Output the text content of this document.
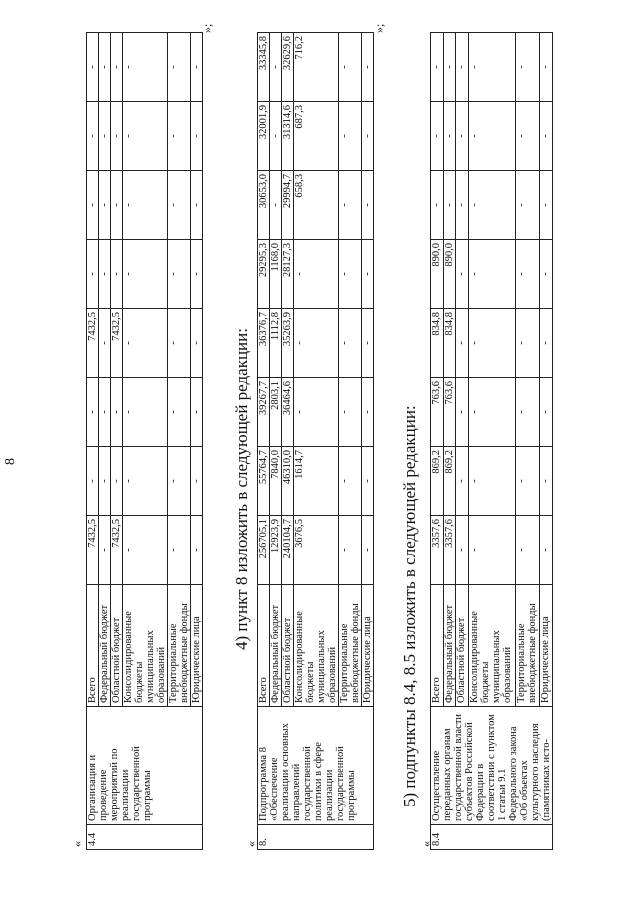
8
«
»;
4.4	Организация и проведение мероприятий по реализации государственной программы	Всего	7432,5	-	-	7432,5	-	-	-	-
		Федеральный бюджет	-	-	-	-	-	-	-	-
		Областной бюджет	7432,5	-	-	7432,5	-	-	-	-
		Консолидированные бюджеты муниципальных образований	-	-	-	-	-	-	-	-
		Территориальные внебюджетные фонды	-	-	-	-	-	-	-	-
		Юридические лица	-	-	-	-	-	-	-	-
4) пункт 8 изложить в следующей редакции:
«
»;
8.	Подпрограмма 8 «Обеспечение реализации основных направлений государственной политики в сфере реализации государственной программы	Всего	256705,1	55764,7	39267,7	36376,7	29295,3	30653,0	32001,9	33345,8
		Федеральный бюджет	12923,9	7840,0	2803,1	1112,8	1168,0	-	-	-
		Областной бюджет	240104,7	46310,0	36464,6	35263,9	28127,3	29994,7	31314,6	32629,6
		Консолидированные бюджеты муниципальных образований	3676,5	1614,7	-	-	-	658,3	687,3	716,2
		Территориальные внебюджетные фонды	-	-	-	-	-	-	-	-
		Юридические лица	-	-	-	-	-	-	-	-
5) подпункты 8.4, 8.5 изложить в следующей редакции:
«
8.4	Осуществление переданных органам государственной власти субъектов Российской Федерации в соответствии с пунктом 1 статьи 9.1 Федерального закона «Об объектах культурного наследия (памятниках исто-	Всего	3357,6	869,2	763,6	834,8	890,0	-	-	-
		Федеральный бюджет	3357,6	869,2	763,6	834,8	890,0	-	-	-
		Областной бюджет	-	-	-	-	-	-	-	-
		Консолидированные бюджеты муниципальных образований	-	-	-	-	-	-	-	-
		Территориальные внебюджетные фонды	-	-	-	-	-	-	-	-
		Юридические лица	-	-	-	-	-	-	-	-
